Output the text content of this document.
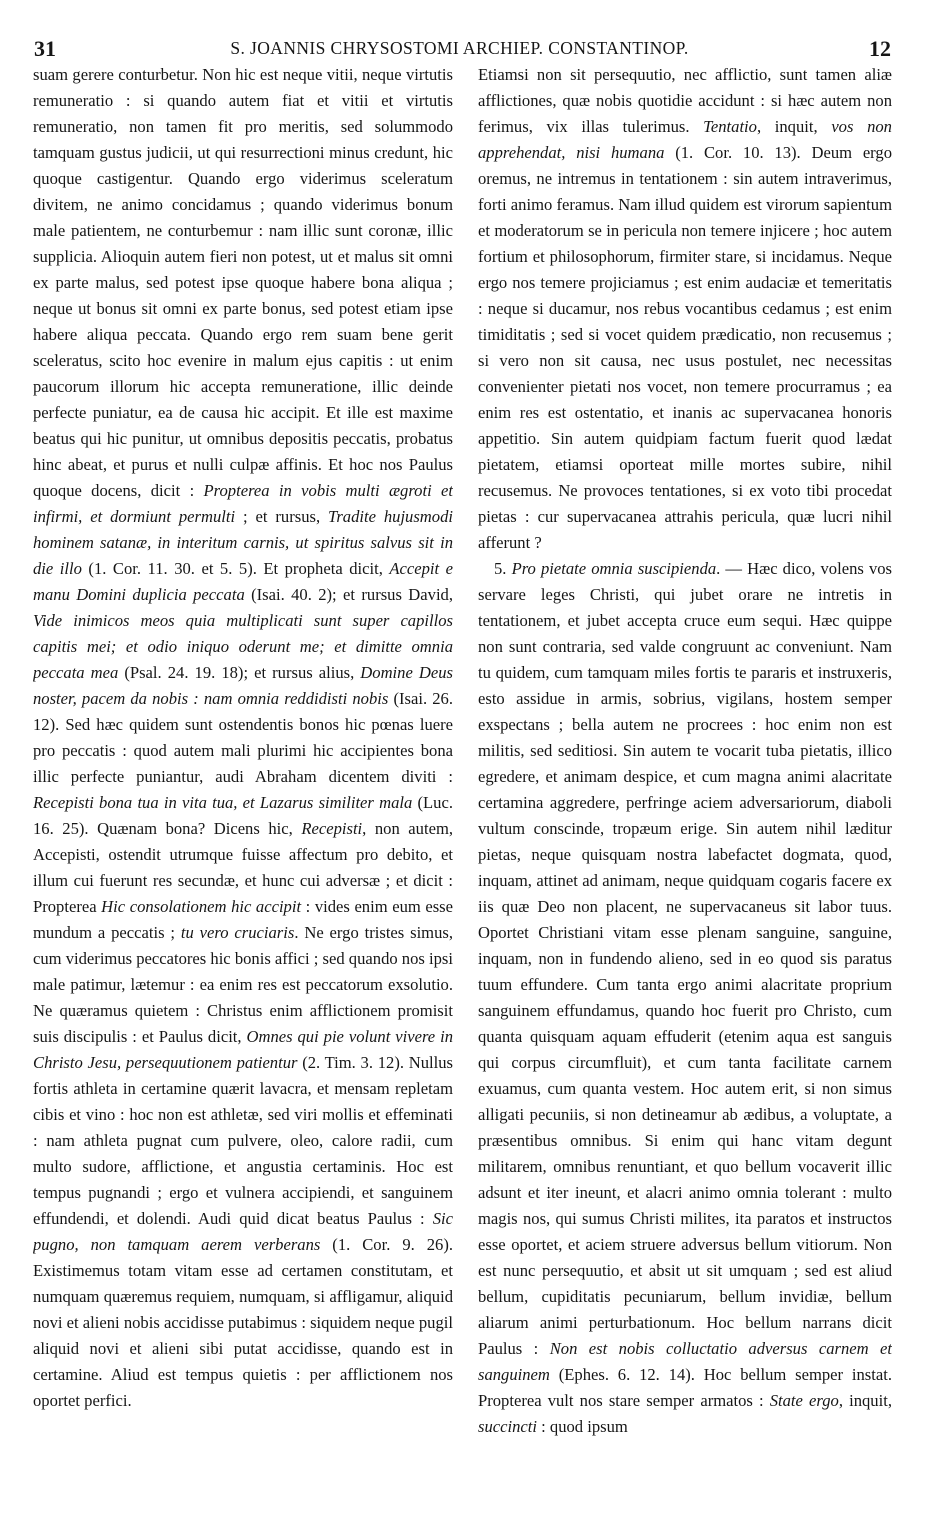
31	S. JOANNIS CHRYSOSTOMI ARCHIEP. CONSTANTINOP.	12

suam gerere conturbetur. Non hic est neque vitii, neque virtutis remuneratio : si quando autem fiat et vitii et virtutis remuneratio, non tamen fit pro meritis, sed solummodo tamquam gustus judicii, ut qui resurrectioni minus credunt, hic quoque castigentur. Quando ergo viderimus sceleratum divitem, ne animo concidamus ; quando viderimus bonum male patientem, ne conturbemur : nam illic sunt coronæ, illic supplicia. Alioquin autem fieri non potest, ut et malus sit omni ex parte malus, sed potest ipse quoque habere bona aliqua ; neque ut bonus sit omni ex parte bonus, sed potest etiam ipse habere aliqua peccata. Quando ergo rem suam bene gerit sceleratus, scito hoc evenire in malum ejus capitis : ut enim paucorum illorum hic accepta remuneratione, illic deinde perfecte puniatur, ea de causa hic accipit. Et ille est maxime beatus qui hic punitur, ut omnibus depositis peccatis, probatus hinc abeat, et purus et nulli culpæ affinis. Et hoc nos Paulus quoque docens, dicit : Propterea in vobis multi ægroti et infirmi, et dormiunt permulti ; et rursus, Tradite hujusmodi hominem satanæ, in interitum carnis, ut spiritus salvus sit in die illo (1. Cor. 11. 30. et 5. 5). Et propheta dicit, Accepit e manu Domini duplicia peccata (Isai. 40. 2); et rursus David, Vide inimicos meos quia multiplicati sunt super capillos capitis mei; et odio iniquo oderunt me; et dimitte omnia peccata mea (Psal. 24. 19. 18); et rursus alius, Domine Deus noster, pacem da nobis : nam omnia reddidisti nobis (Isai. 26. 12). Sed hæc quidem sunt ostendentis bonos hic pœnas luere pro peccatis : quod autem mali plurimi hic accipientes bona illic perfecte puniantur, audi Abraham dicentem diviti : Recepisti bona tua in vita tua, et Lazarus similiter mala (Luc. 16. 25). Quænam bona? Dicens hic, Recepisti, non autem, Accepisti, ostendit utrumque fuisse affectum pro debito, et illum cui fuerunt res secundæ, et hunc cui adversæ ; et dicit : Propterea Hic consolationem hic accipit : vides enim eum esse mundum a peccatis ; tu vero cruciaris. Ne ergo tristes simus, cum viderimus peccatores hic bonis affici ; sed quando nos ipsi male patimur, lætemur : ea enim res est peccatorum exsolutio. Ne quæramus quietem : Christus enim afflictionem promisit suis discipulis : et Paulus dicit, Omnes qui pie volunt vivere in Christo Jesu, persequutionem patientur (2. Tim. 3. 12). Nullus fortis athleta in certamine quærit lavacra, et mensam repletam cibis et vino : hoc non est athletæ, sed viri mollis et effeminati : nam athleta pugnat cum pulvere, oleo, calore radii, cum multo sudore, afflictione, et angustia certaminis. Hoc est tempus pugnandi ; ergo et vulnera accipiendi, et sanguinem effundendi, et dolendi. Audi quid dicat beatus Paulus : Sic pugno, non tamquam aerem verberans (1. Cor. 9. 26). Existimemus totam vitam esse ad certamen constitutam, et numquam quæremus requiem, numquam, si affligamur, aliquid novi et alieni nobis accidisse putabimus : siquidem neque pugil aliquid novi et alieni sibi putat accidisse, quando est in certamine. Aliud est tempus quietis : per afflictionem nos oportet perfici.

Etiamsi non sit persequutio, nec afflictio, sunt tamen aliæ afflictiones, quæ nobis quotidie accidunt : si hæc autem non ferimus, vix illas tulerimus. Tentatio, inquit, vos non apprehendat, nisi humana (1. Cor. 10. 13). Deum ergo oremus, ne intremus in tentationem : sin autem intraverimus, forti animo feramus. Nam illud quidem est virorum sapientum et moderatorum se in pericula non temere injicere ; hoc autem fortium et philosophorum, firmiter stare, si incidamus. Neque ergo nos temere projiciamus ; est enim audaciæ et temeritatis : neque si ducamur, nos rebus vocantibus cedamus ; est enim timiditatis ; sed si vocet quidem prædicatio, non recusemus ; si vero non sit causa, nec usus postulet, nec necessitas convenienter pietati nos vocet, non temere procurramus ; ea enim res est ostentatio, et inanis ac supervacanea honoris appetitio. Sin autem quidpiam factum fuerit quod lædat pietatem, etiamsi oporteat mille mortes subire, nihil recusemus. Ne provoces tentationes, si ex voto tibi procedat pietas : cur supervacanea attrahis pericula, quæ lucri nihil afferunt ?

5. Pro pietate omnia suscipienda. — Hæc dico, volens vos servare leges Christi, qui jubet orare ne intretis in tentationem, et jubet accepta cruce eum sequi. Hæc quippe non sunt contraria, sed valde congruunt ac conveniunt. Nam tu quidem, cum tamquam miles fortis te pararis et instruxeris, esto assidue in armis, sobrius, vigilans, hostem semper exspectans ; bella autem ne procrees : hoc enim non est militis, sed seditiosi. Sin autem te vocarit tuba pietatis, illico egredere, et animam despice, et cum magna animi alacritate certamina aggredere, perfringe aciem adversariorum, diaboli vultum conscinde, tropæum erige. Sin autem nihil læditur pietas, neque quisquam nostra labefactet dogmata, quod, inquam, attinet ad animam, neque quidquam cogaris facere ex iis quæ Deo non placent, ne supervacaneus sit labor tuus. Oportet Christiani vitam esse plenam sanguine, sanguine, inquam, non in fundendo alieno, sed in eo quod sis paratus tuum effundere. Cum tanta ergo animi alacritate proprium sanguinem effundamus, quando hoc fuerit pro Christo, cum quanta quisquam aquam effuderit (etenim aqua est sanguis qui corpus circumfluit), et cum tanta facilitate carnem exuamus, cum quanta vestem. Hoc autem erit, si non simus alligati pecuniis, si non detineamur ab ædibus, a voluptate, a præsentibus omnibus. Si enim qui hanc vitam degunt militarem, omnibus renuntiant, et quo bellum vocaverit illic adsunt et iter ineunt, et alacri animo omnia tolerant : multo magis nos, qui sumus Christi milites, ita paratos et instructos esse oportet, et aciem struere adversus bellum vitiorum. Non est nunc persequutio, et absit ut sit umquam ; sed est aliud bellum, cupiditatis pecuniarum, bellum invidiæ, bellum aliarum animi perturbationum. Hoc bellum narrans dicit Paulus : Non est nobis colluctatio adversus carnem et sanguinem (Ephes. 6. 12. 14). Hoc bellum semper instat. Propterea vult nos stare semper armatos : State ergo, inquit, succincti : quod ipsum
